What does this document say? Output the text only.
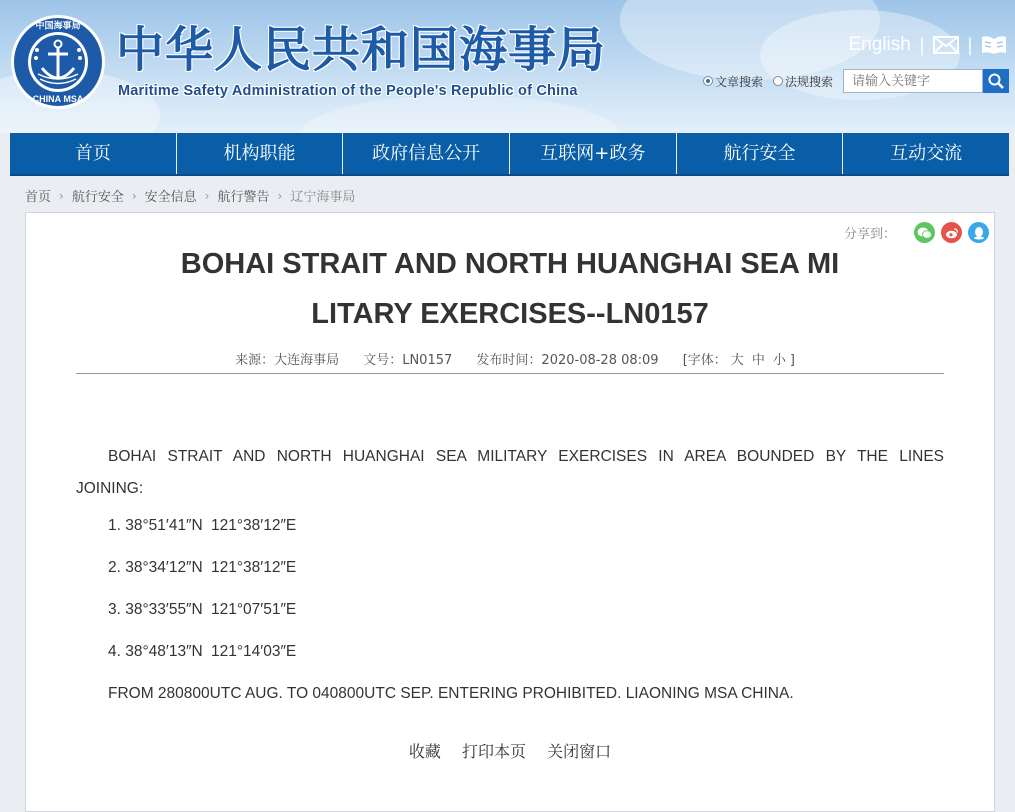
中国海事局
CHINA MSA
中华人民共和国海事局
Maritime Safety Administration of the People's Republic of China
English | |
文章搜索 法规搜索
请输入关键字
首页	机构职能	政府信息公开	互联网+政务	航行安全	互动交流
首页 › 航行安全 › 安全信息 › 航行警告 › 辽宁海事局
分享到：
BOHAI STRAIT AND NORTH HUANGHAI SEA MI
LITARY EXERCISES--LN0157
来源：大连海事局 文号：LN0157 发布时间：2020-08-28 08:09 [字体： 大 中 小 ]

BOHAI STRAIT AND NORTH HUANGHAI SEA MILITARY EXERCISES IN AREA BOUNDED BY THE LINES JOINING:

1. 38°51′41″N 121°38′12″E

2. 38°34′12″N 121°38′12″E

3. 38°33′55″N 121°07′51″E

4. 38°48′13″N 121°14′03″E

FROM 280800UTC AUG. TO 040800UTC SEP. ENTERING PROHIBITED. LIAONING MSA CHINA.

收藏 打印本页 关闭窗口
